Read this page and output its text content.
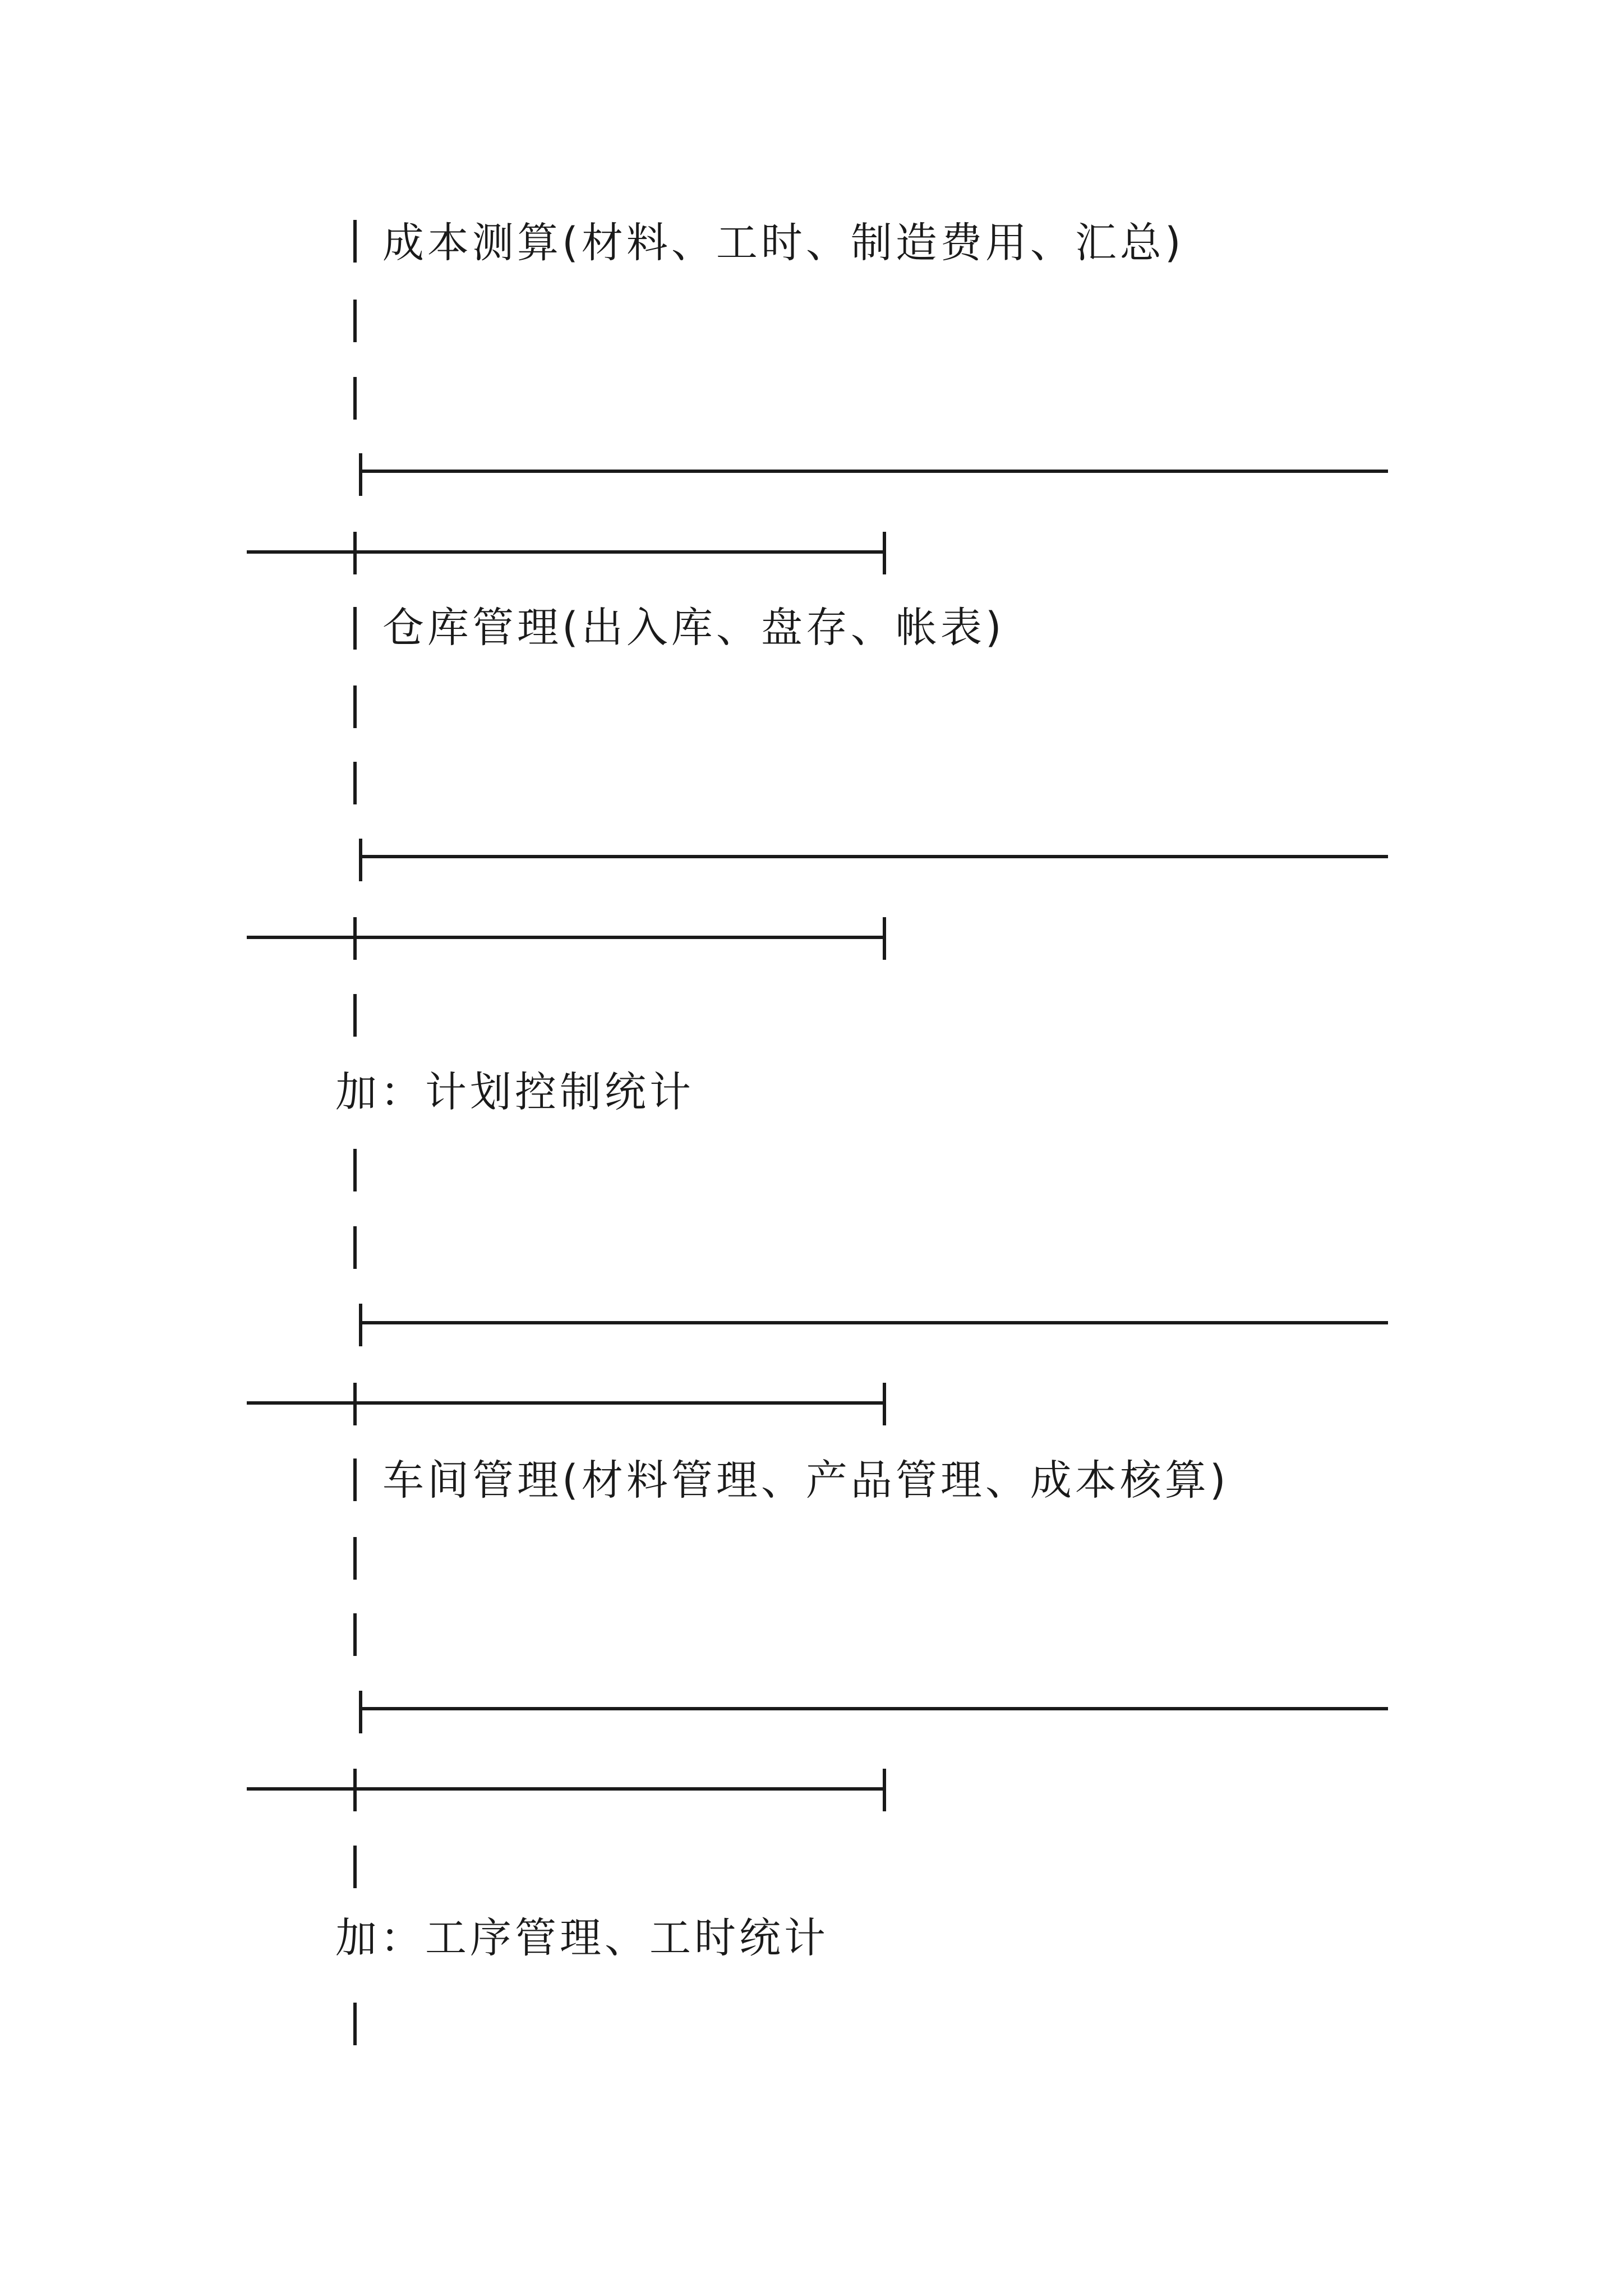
成本测算(材料、工时、制造费用、汇总)
仓库管理(出入库、盘存、帐表)
加：计划控制统计
车间管理(材料管理、产品管理、成本核算)
加：工序管理、工时统计
